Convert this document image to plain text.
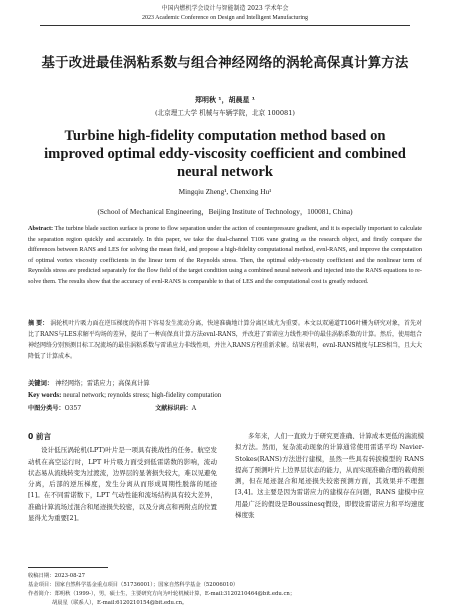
中国内燃机学会设计与智能制造 2023 学术年会
2023 Academic Conference on Design and Intelligent Manufacturing
基于改进最佳涡粘系数与组合神经网络的涡轮高保真计算方法
郑明秋 ¹，胡晨星 ¹
(北京理工大学 机械与车辆学院，北京 100081)
Turbine high-fidelity computation method based on improved optimal eddy-viscosity coefficient and combined neural network
Mingqiu Zheng¹, Chenxing Hu¹
(School of Mechanical Engineering，Beijing Institute of Technology，100081, China)
Abstract: The turbine blade suction surface is prone to flow separation under the action of counterpressure gradient, and it is especially important to calculate the separation region quickly and accurately. In this paper, we take the dual-channel T106 vane grating as the research object, and firstly compare the differences between RANS and LES for solving the mean field, and propose a high-fidelity computational method, evnl-RANS, and improve the computation of optimal vortex viscosity coefficients in the linear term of the Reynolds stress. Then, the optimal eddy-viscosity coefficient and the nonlinear term of Reynolds stress are predicted separately for the flow field of the target condition using a combined neural network and injected into the RANS equations to re-solve them. The results show that the accuracy of evnl-RANS is comparable to that of LES and the computational cost is greatly reduced.
摘 要： 涡轮机叶片吸力面在逆压梯度的作用下容易发生流动分离，快速准确地计算分离区域尤为重要。本文以双通道T106叶栅为研究对象，首先对比了RANS与LES求解平均场的差异，提出了一种高保真计算方法evnl-RANS，并改进了雷诺应力线性项中的最佳涡粘系数的计算。然后，使用组合神经网络分别预测目标工况流场的最佳涡粘系数与雷诺应力非线性项，并注入RANS方程重新求解。结果表明，evnl-RANS精度与LES相当，且大大降低了计算成本。
关键词： 神经网络；雷诺应力；高保真计算
Key words: neural network; reynolds stress; high-fidelity computation
中图分类号：O357	文献标识码：A
0 前言
设计低压涡轮机(LPT)叶片是一项具有挑战性的任务。航空发动机在高空运行时，LPT 叶片吸力面受到低雷诺数的影响，流动状态易从流线转变为过渡流，边界层的显著损失较大，难以见避免分离，后部的逆压梯度，发生分离从而形成周期性脱落的尾迹[1]。在不同雷诺数下，LPT 气动性能和流场结构具有较大差异，准确计算流场过混合和尾迹损失较密，以及分离点和再附点的位置显得尤为重要[2]。
多年来，人们一直致力于研究更准确、计算成本更低的湍流模拟方法。然而，复杂流动现象的计算通常使用雷诺平均 Navier-Stokes(RANS)方法进行建模，虽然一些具有转捩模型的 RANS 提高了预测叶片上边界层状态的能力，从而实现准确合理的载荷预测，但在尾迹混合和尾迹损失较密预测方面，其效果并不理想[3,4]。这主要是因为雷诺应力的建模存在问题，RANS 建模中应用最广泛的假设是Boussinesq假设，即假设雷诺应力和平均速度梯度张
收稿日期：2023-08-27
基金项目：国家自然科学基金重点项目（51736001）；国家自然科学基金（52006010）
作者简介：郑明秋（1999-），男，硕士生，主要研究方向为叶轮机械计算，E-mail:3120210464@bit.edu.cn；
胡晨星（联系人），E-mail:6120210154@bit.edu.cn。
